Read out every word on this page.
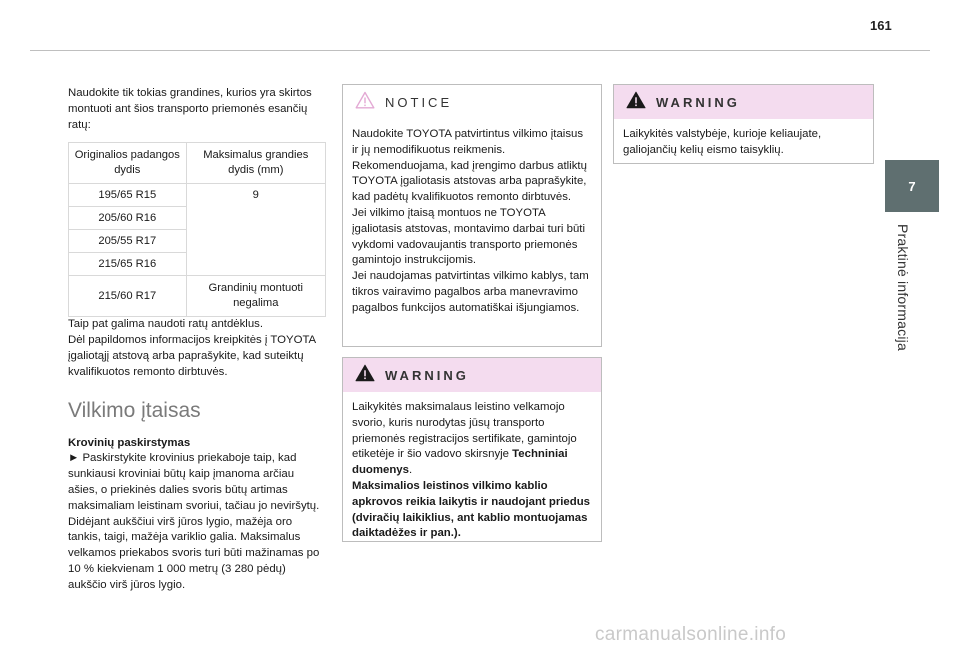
161
7
Praktinė informacija

Naudokite tik tokias grandines, kurios yra skirtos montuoti ant šios transporto priemonės esančių ratų:

Originalios padangos dydis	Maksimalus grandies dydis (mm)
195/65 R15	9
205/60 R16	
205/55 R17	
215/65 R16	
215/60 R17	Grandinių montuoti negalima

Taip pat galima naudoti ratų antdėklus.

Dėl papildomos informacijos kreipkitės į TOYOTA įgaliotąjį atstovą arba paprašykite, kad suteiktų kvalifikuotos remonto dirbtuvės.

Vilkimo įtaisas

Krovinių paskirstymas

► Paskirstykite krovinius priekaboje taip, kad sunkiausi kroviniai būtų kaip įmanoma arčiau ašies, o priekinės dalies svoris būtų artimas maksimaliam leistinam svoriui, tačiau jo neviršytų.

Didėjant aukščiui virš jūros lygio, mažėja oro tankis, taigi, mažėja variklio galia. Maksimalus velkamos priekabos svoris turi būti mažinamas po 10 % kiekvienam 1 000 metrų (3 280 pėdų) aukščio virš jūros lygio.

NOTICE
Naudokite TOYOTA patvirtintus vilkimo įtaisus ir jų nemodifikuotus reikmenis.
Rekomenduojama, kad įrengimo darbus atliktų TOYOTA įgaliotasis atstovas arba paprašykite, kad padėtų kvalifikuotos remonto dirbtuvės.
Jei vilkimo įtaisą montuos ne TOYOTA įgaliotasis atstovas, montavimo darbai turi būti vykdomi vadovaujantis transporto priemonės gamintojo instrukcijomis.
Jei naudojamas patvirtintas vilkimo kablys, tam tikros vairavimo pagalbos arba manevravimo pagalbos funkcijos automatiškai išjungiamos.
WARNING
Laikykitės maksimalaus leistino velkamojo svorio, kuris nurodytas jūsų transporto priemonės registracijos sertifikate, gamintojo etiketėje ir šio vadovo skirsnyje Techniniai duomenys.
Maksimalios leistinos vilkimo kablio apkrovos reikia laikytis ir naudojant priedus (dviračių laikiklius, ant kablio montuojamas daiktadėžes ir pan.).
WARNING
Laikykitės valstybėje, kurioje keliaujate, galiojančių kelių eismo taisyklių.
carmanualsonline.info
